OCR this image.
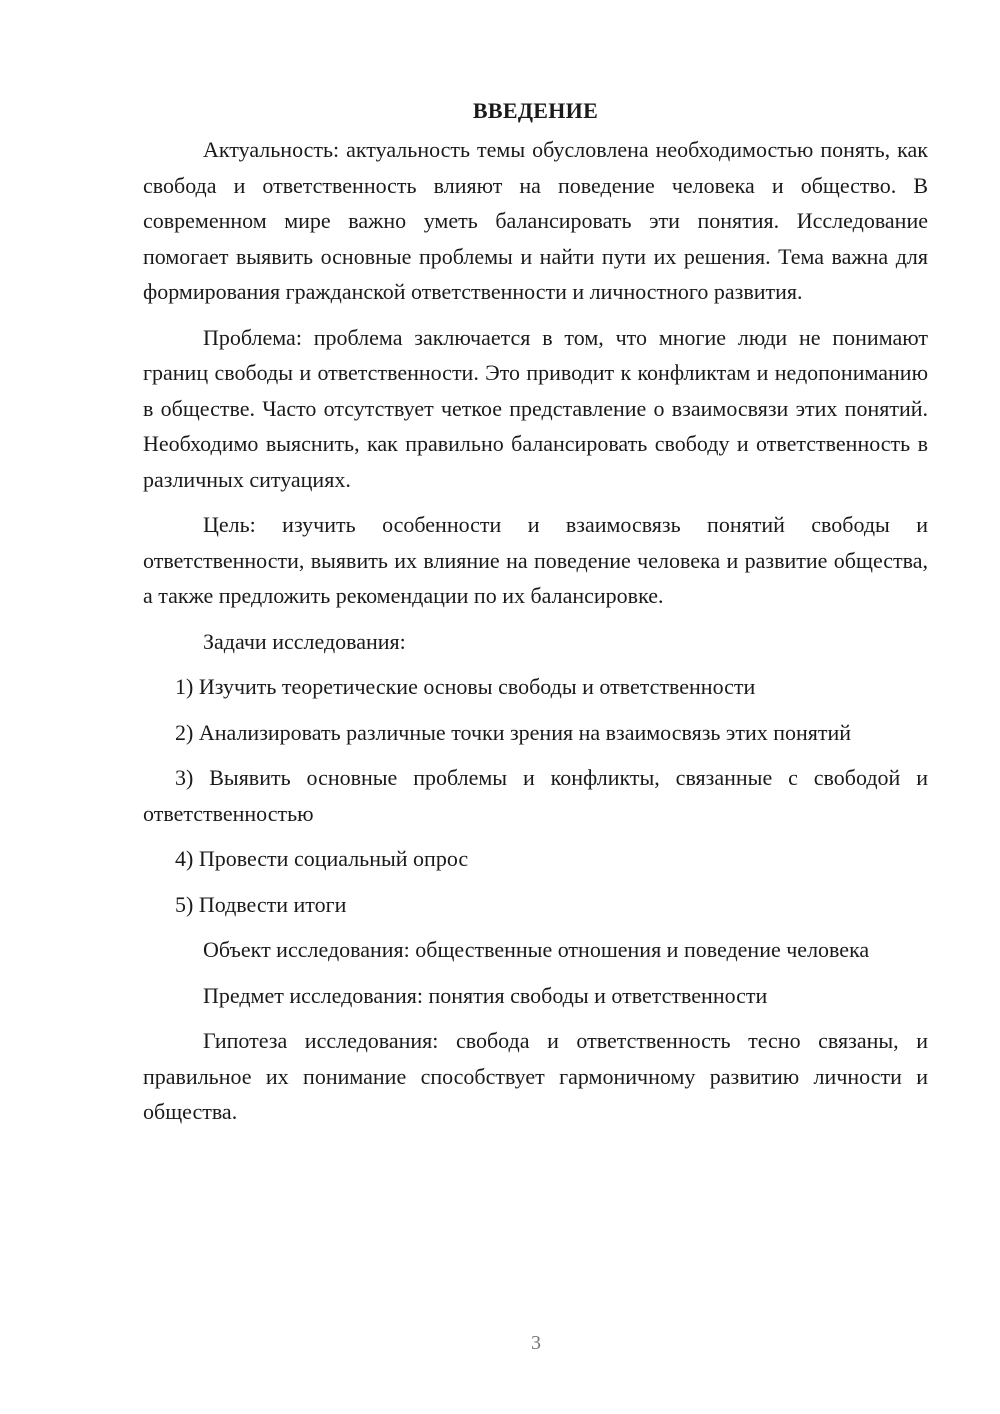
ВВЕДЕНИЕ

Актуальность: актуальность темы обусловлена необходимостью понять, как свобода и ответственность влияют на поведение человека и общество. В современном мире важно уметь балансировать эти понятия. Исследование помогает выявить основные проблемы и найти пути их решения. Тема важна для формирования гражданской ответственности и личностного развития.

Проблема: проблема заключается в том, что многие люди не понимают границ свободы и ответственности. Это приводит к конфликтам и недопониманию в обществе. Часто отсутствует четкое представление о взаимосвязи этих понятий. Необходимо выяснить, как правильно балансировать свободу и ответственность в различных ситуациях.

Цель: изучить особенности и взаимосвязь понятий свободы и ответственности, выявить их влияние на поведение человека и развитие общества, а также предложить рекомендации по их балансировке.

Задачи исследования:

1) Изучить теоретические основы свободы и ответственности

2) Анализировать различные точки зрения на взаимосвязь этих понятий

3) Выявить основные проблемы и конфликты, связанные с свободой и ответственностью

4) Провести социальный опрос

5) Подвести итоги

Объект исследования: общественные отношения и поведение человека

Предмет исследования: понятия свободы и ответственности

Гипотеза исследования: свобода и ответственность тесно связаны, и правильное их понимание способствует гармоничному развитию личности и общества.

3
